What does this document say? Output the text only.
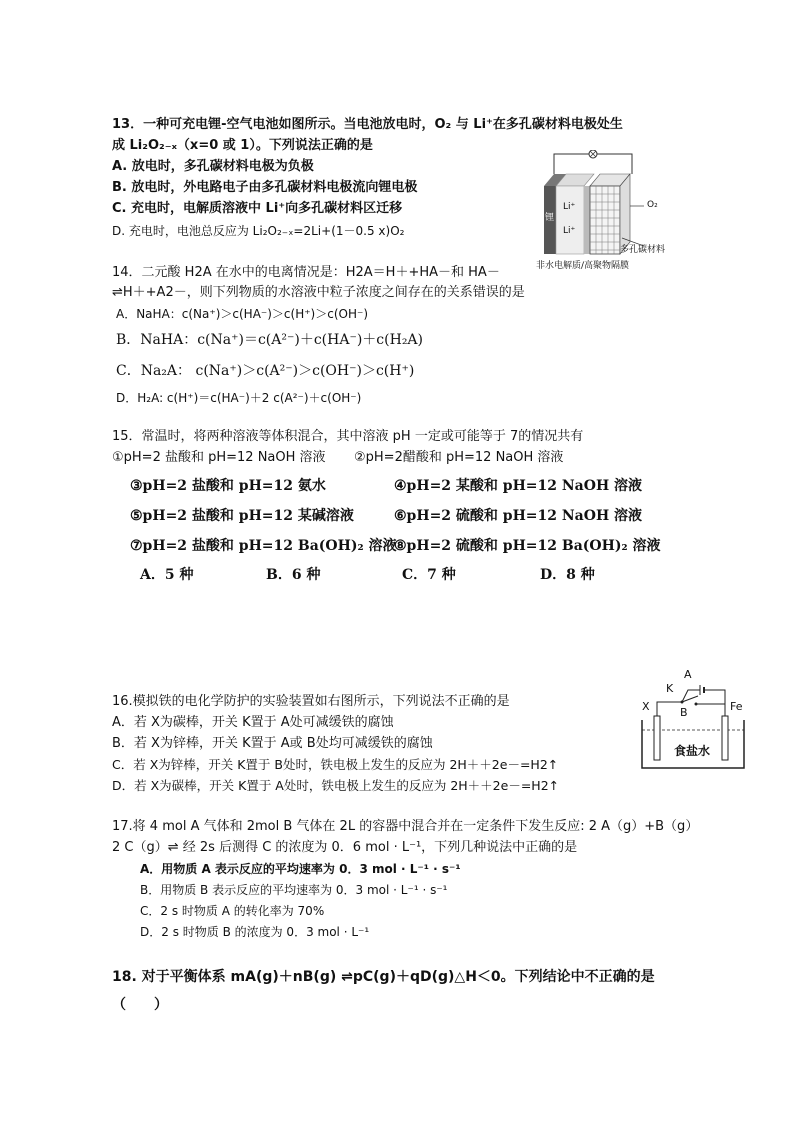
13．一种可充电锂-空气电池如图所示。当电池放电时，O₂ 与 Li⁺在多孔碳材料电极处生
成 Li₂O₂₋ₓ（x=0 或 1）。下列说法正确的是
A. 放电时，多孔碳材料电极为负极
B. 放电时，外电路电子由多孔碳材料电极流向锂电极
C. 充电时，电解质溶液中 Li⁺向多孔碳材料区迁移
D. 充电时，电池总反应为 Li₂O₂₋ₓ=2Li+(1－0.5 x)O₂
锂
Li⁺
Li⁺
O₂
多孔碳材料
非水电解质/高聚物隔膜
14．二元酸 H2A 在水中的电离情况是：H2A＝H＋+HA－和 HA－
⇌H＋+A2－，则下列物质的水溶液中粒子浓度之间存在的关系错误的是
A．NaHA：c(Na⁺)＞c(HA⁻)＞c(H⁺)＞c(OH⁻)
B．NaHA：c(Na⁺)＝c(A²⁻)＋c(HA⁻)＋c(H₂A)
C．Na₂A： c(Na⁺)＞c(A²⁻)＞c(OH⁻)＞c(H⁺)
D．H₂A: c(H⁺)＝c(HA⁻)＋2 c(A²⁻)＋c(OH⁻)
15．常温时，将两种溶液等体积混合，其中溶液 pH 一定或可能等于 7的情况共有
①pH=2 盐酸和 pH=12 NaOH 溶液 ②pH=2醋酸和 pH=12 NaOH 溶液
③pH=2 盐酸和 pH=12 氨水	④pH=2 某酸和 pH=12 NaOH 溶液
⑤pH=2 盐酸和 pH=12 某碱溶液	⑥pH=2 硫酸和 pH=12 NaOH 溶液
⑦pH=2 盐酸和 pH=12 Ba(OH)₂ 溶液
⑧pH=2 硫酸和 pH=12 Ba(OH)₂ 溶液
A．5 种	B．6 种	C．7 种	D．8 种
16.模拟铁的电化学防护的实验装置如右图所示，下列说法不正确的是
A．若 X为碳棒，开关 K置于 A处可减缓铁的腐蚀
B．若 X为锌棒，开关 K置于 A或 B处均可减缓铁的腐蚀
C．若 X为锌棒，开关 K置于 B处时，铁电极上发生的反应为 2H＋＋2e－=H2↑
D．若 X为碳棒，开关 K置于 A处时，铁电极上发生的反应为 2H＋＋2e－=H2↑
A
K
B
X	Fe
食盐水
17.将 4 mol A 气体和 2mol B 气体在 2L 的容器中混合并在一定条件下发生反应: 2 A（g）+B（g）
2 C（g）⇌ 经 2s 后测得 C 的浓度为 0．6 mol · L⁻¹，下列几种说法中正确的是
A．用物质 A 表示反应的平均速率为 0．3 mol · L⁻¹ · s⁻¹
B．用物质 B 表示反应的平均速率为 0．3 mol · L⁻¹ · s⁻¹
C．2 s 时物质 A 的转化率为 70%
D．2 s 时物质 B 的浓度为 0．3 mol · L⁻¹
18. 对于平衡体系 mA(g)＋nB(g) ⇌pC(g)＋qD(g)△H＜0。下列结论中不正确的是
（　　）
